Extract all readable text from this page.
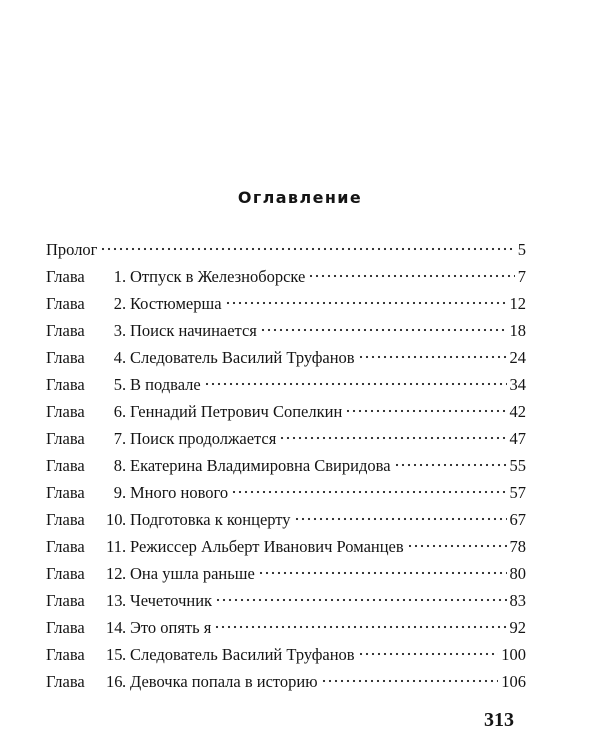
Оглавление
Пролог	5
Глава	1 . Отпуск в Железноборске	7
Глава	2 . Костюмерша	12
Глава	3 . Поиск начинается	18
Глава	4 . Следователь Василий Труфанов	24
Глава	5 . В подвале	34
Глава	6 . Геннадий Петрович Сопелкин	42
Глава	7 . Поиск продолжается	47
Глава	8 . Екатерина Владимировна Свиридова	55
Глава	9 . Много нового	57
Глава	10 . Подготовка к концерту	67
Глава	11 . Режиссер Альберт Иванович Романцев	78
Глава	12 . Она ушла раньше	80
Глава	13 . Чечеточник	83
Глава	14 . Это опять я	92
Глава	15 . Следователь Василий Труфанов	100
Глава	16 . Девочка попала в историю	106
313
